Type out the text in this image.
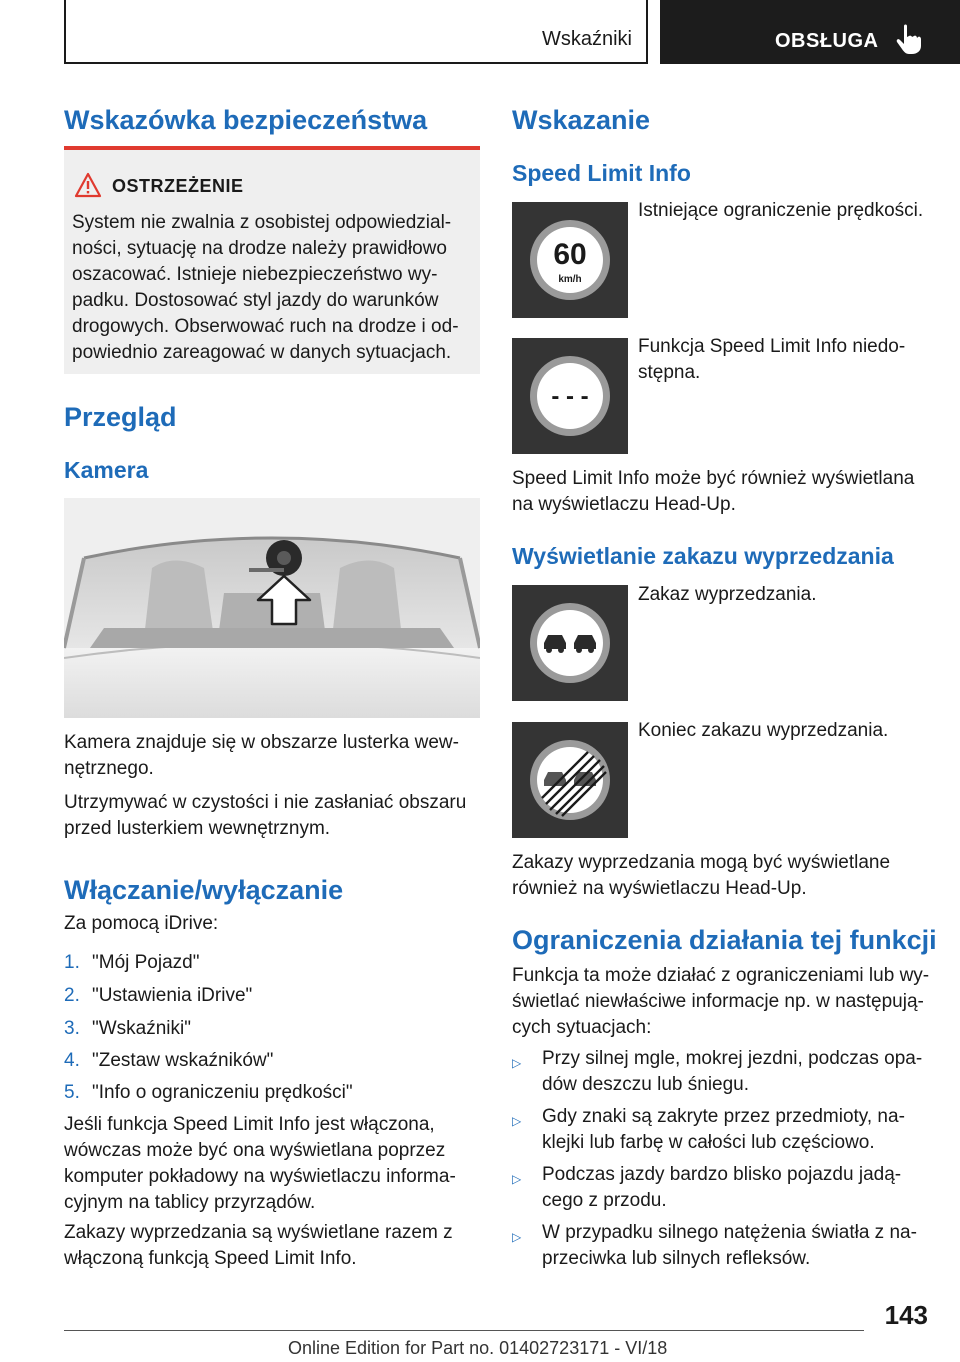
Wskaźniki	OBSŁUGA
Wskazówka bezpieczeństwa
OSTRZEŻENIE
System nie zwalnia z osobistej odpowiedzial-
ności, sytuację na drodze należy prawidłowo
oszacować. Istnieje niebezpieczeństwo wy-
padku. Dostosować styl jazdy do warunków
drogowych. Obserwować ruch na drodze i od-
powiednio zareagować w danych sytuacjach.
Przegląd
Kamera
Kamera znajduje się w obszarze lusterka wew-
nętrznego.
Utrzymywać w czystości i nie zasłaniać obszaru
przed lusterkiem wewnętrznym.
Włączanie/wyłączanie
Za pomocą iDrive:
1. "Mój Pojazd"
2. "Ustawienia iDrive"
3. "Wskaźniki"
4. "Zestaw wskaźników"
5. "Info o ograniczeniu prędkości"
Jeśli funkcja Speed Limit Info jest włączona,
wówczas może być ona wyświetlana poprzez
komputer pokładowy na wyświetlaczu informa-
cyjnym na tablicy przyrządów.
Zakazy wyprzedzania są wyświetlane razem z
włączoną funkcją Speed Limit Info.
Wskazanie
Speed Limit Info
60
km/h
Istniejące ograniczenie prędkości.
- - -
Funkcja Speed Limit Info niedo-
stępna.
Speed Limit Info może być również wyświetlana
na wyświetlaczu Head-Up.
Wyświetlanie zakazu wyprzedzania
Zakaz wyprzedzania.
Koniec zakazu wyprzedzania.
Zakazy wyprzedzania mogą być wyświetlane
również na wyświetlaczu Head-Up.
Ograniczenia działania tej funkcji
Funkcja ta może działać z ograniczeniami lub wy-
świetlać niewłaściwe informacje np. w następują-
cych sytuacjach:
▷ Przy silnej mgle, mokrej jezdni, podczas opa-
dów deszczu lub śniegu.
▷ Gdy znaki są zakryte przez przedmioty, na-
klejki lub farbę w całości lub częściowo.
▷ Podczas jazdy bardzo blisko pojazdu jadą-
cego z przodu.
▷ W przypadku silnego natężenia światła z na-
przeciwka lub silnych refleksów.
143
Online Edition for Part no. 01402723171 - VI/18
